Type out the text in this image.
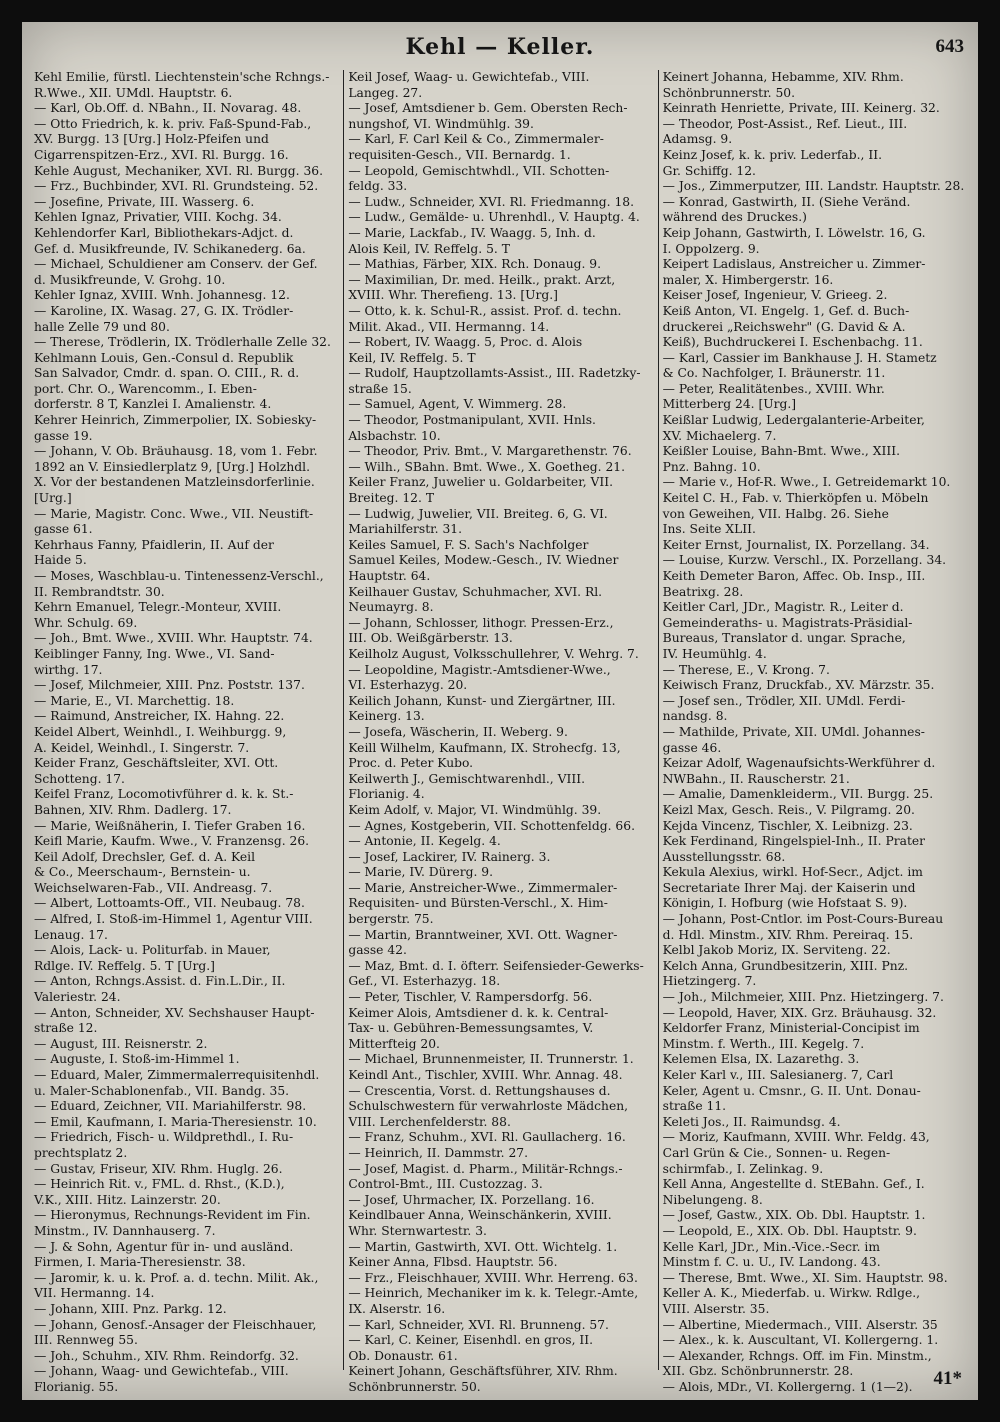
Kehl — Keller.	643
Kehl Emilie, fürstl. Liechtenstein'sche Rchngs.-
R.Wwe., XII. UMdl. Hauptstr. 6.
— Karl, Ob.Off. d. NBahn., II. Novarag. 48.
— Otto Friedrich, k. k. priv. Faß-Spund-Fab.,
XV. Burgg. 13 [Urg.] Holz-Pfeifen und
Cigarrenspitzen-Erz., XVI. Rl. Burgg. 16.
Kehle August, Mechaniker, XVI. Rl. Burgg. 36.
— Frz., Buchbinder, XVI. Rl. Grundsteing. 52.
— Josefine, Private, III. Wasserg. 6.
Kehlen Ignaz, Privatier, VIII. Kochg. 34.
Kehlendorfer Karl, Bibliothekars-Adjct. d.
Gef. d. Musikfreunde, IV. Schikanederg. 6a.
— Michael, Schuldiener am Conserv. der Gef.
d. Musikfreunde, V. Grohg. 10.
Kehler Ignaz, XVIII. Wnh. Johannesg. 12.
— Karoline, IX. Wasag. 27, G. IX. Trödler-
halle Zelle 79 und 80.
— Therese, Trödlerin, IX. Trödlerhalle Zelle 32.
Kehlmann Louis, Gen.-Consul d. Republik
San Salvador, Cmdr. d. span. O. CIII., R. d.
port. Chr. O., Warencomm., I. Eben-
dorferstr. 8 T, Kanzlei I. Amalienstr. 4.
Kehrer Heinrich, Zimmerpolier, IX. Sobiesky-
gasse 19.
— Johann, V. Ob. Bräuhausg. 18, vom 1. Febr.
1892 an V. Einsiedlerplatz 9, [Urg.] Holzhdl.
X. Vor der bestandenen Matzleinsdorferlinie.
[Urg.]
— Marie, Magistr. Conc. Wwe., VII. Neustift-
gasse 61.
Kehrhaus Fanny, Pfaidlerin, II. Auf der
Haide 5.
— Moses, Waschblau-u. Tintenessenz-Verschl.,
II. Rembrandtstr. 30.
Kehrn Emanuel, Telegr.-Monteur, XVIII.
Whr. Schulg. 69.
— Joh., Bmt. Wwe., XVIII. Whr. Hauptstr. 74.
Keiblinger Fanny, Ing. Wwe., VI. Sand-
wirthg. 17.
— Josef, Milchmeier, XIII. Pnz. Poststr. 137.
— Marie, E., VI. Marchettig. 18.
— Raimund, Anstreicher, IX. Hahng. 22.
Keidel Albert, Weinhdl., I. Weihburgg. 9,
A. Keidel, Weinhdl., I. Singerstr. 7.
Keider Franz, Geschäftsleiter, XVI. Ott.
Schotteng. 17.
Keifel Franz, Locomotivführer d. k. k. St.-
Bahnen, XIV. Rhm. Dadlerg. 17.
— Marie, Weißnäherin, I. Tiefer Graben 16.
Keifl Marie, Kaufm. Wwe., V. Franzensg. 26.
Keil Adolf, Drechsler, Gef. d. A. Keil
& Co., Meerschaum-, Bernstein- u.
Weichselwaren-Fab., VII. Andreasg. 7.
— Albert, Lottoamts-Off., VII. Neubaug. 78.
— Alfred, I. Stoß-im-Himmel 1, Agentur VIII.
Lenaug. 17.
— Alois, Lack- u. Politurfab. in Mauer,
Rdlge. IV. Reffelg. 5. T [Urg.]
— Anton, Rchngs.Assist. d. Fin.L.Dir., II.
Valeriestr. 24.
— Anton, Schneider, XV. Sechshauser Haupt-
straße 12.
— August, III. Reisnerstr. 2.
— Auguste, I. Stoß-im-Himmel 1.
— Eduard, Maler, Zimmermalerrequisitenhdl.
u. Maler-Schablonenfab., VII. Bandg. 35.
— Eduard, Zeichner, VII. Mariahilferstr. 98.
— Emil, Kaufmann, I. Maria-Theresienstr. 10.
— Friedrich, Fisch- u. Wildprethdl., I. Ru-
prechtsplatz 2.
— Gustav, Friseur, XIV. Rhm. Huglg. 26.
— Heinrich Rit. v., FML. d. Rhst., (K.D.),
V.K., XIII. Hitz. Lainzerstr. 20.
— Hieronymus, Rechnungs-Revident im Fin.
Minstm., IV. Dannhauserg. 7.
— J. & Sohn, Agentur für in- und ausländ.
Firmen, I. Maria-Theresienstr. 38.
— Jaromir, k. u. k. Prof. a. d. techn. Milit. Ak.,
VII. Hermanng. 14.
— Johann, XIII. Pnz. Parkg. 12.
— Johann, Genosf.-Ansager der Fleischhauer,
III. Rennweg 55.
— Joh., Schuhm., XIV. Rhm. Reindorfg. 32.
— Johann, Waag- und Gewichtefab., VIII.
Florianig. 55.
Keil Josef, Waag- u. Gewichtefab., VIII.
Langeg. 27.
— Josef, Amtsdiener b. Gem. Obersten Rech-
nungshof, VI. Windmühlg. 39.
— Karl, F. Carl Keil & Co., Zimmermaler-
requisiten-Gesch., VII. Bernardg. 1.
— Leopold, Gemischtwhdl., VII. Schotten-
feldg. 33.
— Ludw., Schneider, XVI. Rl. Friedmanng. 18.
— Ludw., Gemälde- u. Uhrenhdl., V. Hauptg. 4.
— Marie, Lackfab., IV. Waagg. 5, Inh. d.
Alois Keil, IV. Reffelg. 5. T
— Mathias, Färber, XIX. Rch. Donaug. 9.
— Maximilian, Dr. med. Heilk., prakt. Arzt,
XVIII. Whr. Therefieng. 13. [Urg.]
— Otto, k. k. Schul-R., assist. Prof. d. techn.
Milit. Akad., VII. Hermanng. 14.
— Robert, IV. Waagg. 5, Proc. d. Alois
Keil, IV. Reffelg. 5. T
— Rudolf, Hauptzollamts-Assist., III. Radetzky-
straße 15.
— Samuel, Agent, V. Wimmerg. 28.
— Theodor, Postmanipulant, XVII. Hnls.
Alsbachstr. 10.
— Theodor, Priv. Bmt., V. Margarethenstr. 76.
— Wilh., SBahn. Bmt. Wwe., X. Goetheg. 21.
Keiler Franz, Juwelier u. Goldarbeiter, VII.
Breiteg. 12. T
— Ludwig, Juwelier, VII. Breiteg. 6, G. VI.
Mariahilferstr. 31.
Keiles Samuel, F. S. Sach's Nachfolger
Samuel Keiles, Modew.-Gesch., IV. Wiedner
Hauptstr. 64.
Keilhauer Gustav, Schuhmacher, XVI. Rl.
Neumayrg. 8.
— Johann, Schlosser, lithogr. Pressen-Erz.,
III. Ob. Weißgärberstr. 13.
Keilholz August, Volksschullehrer, V. Wehrg. 7.
— Leopoldine, Magistr.-Amtsdiener-Wwe.,
VI. Esterhazyg. 20.
Keilich Johann, Kunst- und Ziergärtner, III.
Keinerg. 13.
— Josefa, Wäscherin, II. Weberg. 9.
Keill Wilhelm, Kaufmann, IX. Strohecfg. 13,
Proc. d. Peter Kubo.
Keilwerth J., Gemischtwarenhdl., VIII.
Florianig. 4.
Keim Adolf, v. Major, VI. Windmühlg. 39.
— Agnes, Kostgeberin, VII. Schottenfeldg. 66.
— Antonie, II. Kegelg. 4.
— Josef, Lackirer, IV. Rainerg. 3.
— Marie, IV. Dürerg. 9.
— Marie, Anstreicher-Wwe., Zimmermaler-
Requisiten- und Bürsten-Verschl., X. Him-
bergerstr. 75.
— Martin, Branntweiner, XVI. Ott. Wagner-
gasse 42.
— Maz, Bmt. d. I. öfterr. Seifensieder-Gewerks-
Gef., VI. Esterhazyg. 18.
— Peter, Tischler, V. Rampersdorfg. 56.
Keimer Alois, Amtsdiener d. k. k. Central-
Tax- u. Gebühren-Bemessungsamtes, V.
Mitterfteig 20.
— Michael, Brunnenmeister, II. Trunnerstr. 1.
Keindl Ant., Tischler, XVIII. Whr. Annag. 48.
— Crescentia, Vorst. d. Rettungshauses d.
Schulschwestern für verwahrloste Mädchen,
VIII. Lerchenfelderstr. 88.
— Franz, Schuhm., XVI. Rl. Gaullacherg. 16.
— Heinrich, II. Dammstr. 27.
— Josef, Magist. d. Pharm., Militär-Rchngs.-
Control-Bmt., III. Custozzag. 3.
— Josef, Uhrmacher, IX. Porzellang. 16.
Keindlbauer Anna, Weinschänkerin, XVIII.
Whr. Sternwartestr. 3.
— Martin, Gastwirth, XVI. Ott. Wichtelg. 1.
Keiner Anna, Flbsd. Hauptstr. 56.
— Frz., Fleischhauer, XVIII. Whr. Herreng. 63.
— Heinrich, Mechaniker im k. k. Telegr.-Amte,
IX. Alserstr. 16.
— Karl, Schneider, XVI. Rl. Brunneng. 57.
— Karl, C. Keiner, Eisenhdl. en gros, II.
Ob. Donaustr. 61.
Keinert Johann, Geschäftsführer, XIV. Rhm.
Schönbrunnerstr. 50.
Keinert Johanna, Hebamme, XIV. Rhm.
Schönbrunnerstr. 50.
Keinrath Henriette, Private, III. Keinerg. 32.
— Theodor, Post-Assist., Ref. Lieut., III.
Adamsg. 9.
Keinz Josef, k. k. priv. Lederfab., II.
Gr. Schiffg. 12.
— Jos., Zimmerputzer, III. Landstr. Hauptstr. 28.
— Konrad, Gastwirth, II. (Siehe Veränd.
während des Druckes.)
Keip Johann, Gastwirth, I. Löwelstr. 16, G.
I. Oppolzerg. 9.
Keipert Ladislaus, Anstreicher u. Zimmer-
maler, X. Himbergerstr. 16.
Keiser Josef, Ingenieur, V. Grieeg. 2.
Keiß Anton, VI. Engelg. 1, Gef. d. Buch-
druckerei „Reichswehr" (G. David & A.
Keiß), Buchdruckerei I. Eschenbachg. 11.
— Karl, Cassier im Bankhause J. H. Stametz
& Co. Nachfolger, I. Bräunerstr. 11.
— Peter, Realitätenbes., XVIII. Whr.
Mitterberg 24. [Urg.]
Keißlar Ludwig, Ledergalanterie-Arbeiter,
XV. Michaelerg. 7.
Keißler Louise, Bahn-Bmt. Wwe., XIII.
Pnz. Bahng. 10.
— Marie v., Hof-R. Wwe., I. Getreidemarkt 10.
Keitel C. H., Fab. v. Thierköpfen u. Möbeln
von Geweihen, VII. Halbg. 26. Siehe
Ins. Seite XLII.
Keiter Ernst, Journalist, IX. Porzellang. 34.
— Louise, Kurzw. Verschl., IX. Porzellang. 34.
Keith Demeter Baron, Affec. Ob. Insp., III.
Beatrixg. 28.
Keitler Carl, JDr., Magistr. R., Leiter d.
Gemeinderaths- u. Magistrats-Präsidial-
Bureaus, Translator d. ungar. Sprache,
IV. Heumühlg. 4.
— Therese, E., V. Krong. 7.
Keiwisch Franz, Druckfab., XV. Märzstr. 35.
— Josef sen., Trödler, XII. UMdl. Ferdi-
nandsg. 8.
— Mathilde, Private, XII. UMdl. Johannes-
gasse 46.
Keizar Adolf, Wagenaufsichts-Werkführer d.
NWBahn., II. Rauscherstr. 21.
— Amalie, Damenkleiderm., VII. Burgg. 25.
Keizl Max, Gesch. Reis., V. Pilgramg. 20.
Kejda Vincenz, Tischler, X. Leibnizg. 23.
Kek Ferdinand, Ringelspiel-Inh., II. Prater
Ausstellungsstr. 68.
Kekula Alexius, wirkl. Hof-Secr., Adjct. im
Secretariate Ihrer Maj. der Kaiserin und
Königin, I. Hofburg (wie Hofstaat S. 9).
— Johann, Post-Cntlor. im Post-Cours-Bureau
d. Hdl. Minstm., XIV. Rhm. Pereiraq. 15.
Kelbl Jakob Moriz, IX. Serviteng. 22.
Kelch Anna, Grundbesitzerin, XIII. Pnz.
Hietzingerg. 7.
— Joh., Milchmeier, XIII. Pnz. Hietzingerg. 7.
— Leopold, Haver, XIX. Grz. Bräuhausg. 32.
Keldorfer Franz, Ministerial-Concipist im
Minstm. f. Werth., III. Kegelg. 7.
Kelemen Elsa, IX. Lazarethg. 3.
Keler Karl v., III. Salesianerg. 7, Carl
Keler, Agent u. Cmsnr., G. II. Unt. Donau-
straße 11.
Keleti Jos., II. Raimundsg. 4.
— Moriz, Kaufmann, XVIII. Whr. Feldg. 43,
Carl Grün & Cie., Sonnen- u. Regen-
schirmfab., I. Zelinkag. 9.
Kell Anna, Angestellte d. StEBahn. Gef., I.
Nibelungeng. 8.
— Josef, Gastw., XIX. Ob. Dbl. Hauptstr. 1.
— Leopold, E., XIX. Ob. Dbl. Hauptstr. 9.
Kelle Karl, JDr., Min.-Vice.-Secr. im
Minstm f. C. u. U., IV. Landong. 43.
— Therese, Bmt. Wwe., XI. Sim. Hauptstr. 98.
Keller A. K., Miederfab. u. Wirkw. Rdlge.,
VIII. Alserstr. 35.
— Albertine, Miedermach., VIII. Alserstr. 35
— Alex., k. k. Auscultant, VI. Kollergerng. 1.
— Alexander, Rchngs. Off. im Fin. Minstm.,
XII. Gbz. Schönbrunnerstr. 28.
— Alois, MDr., VI. Kollergerng. 1 (1—2).	41*
